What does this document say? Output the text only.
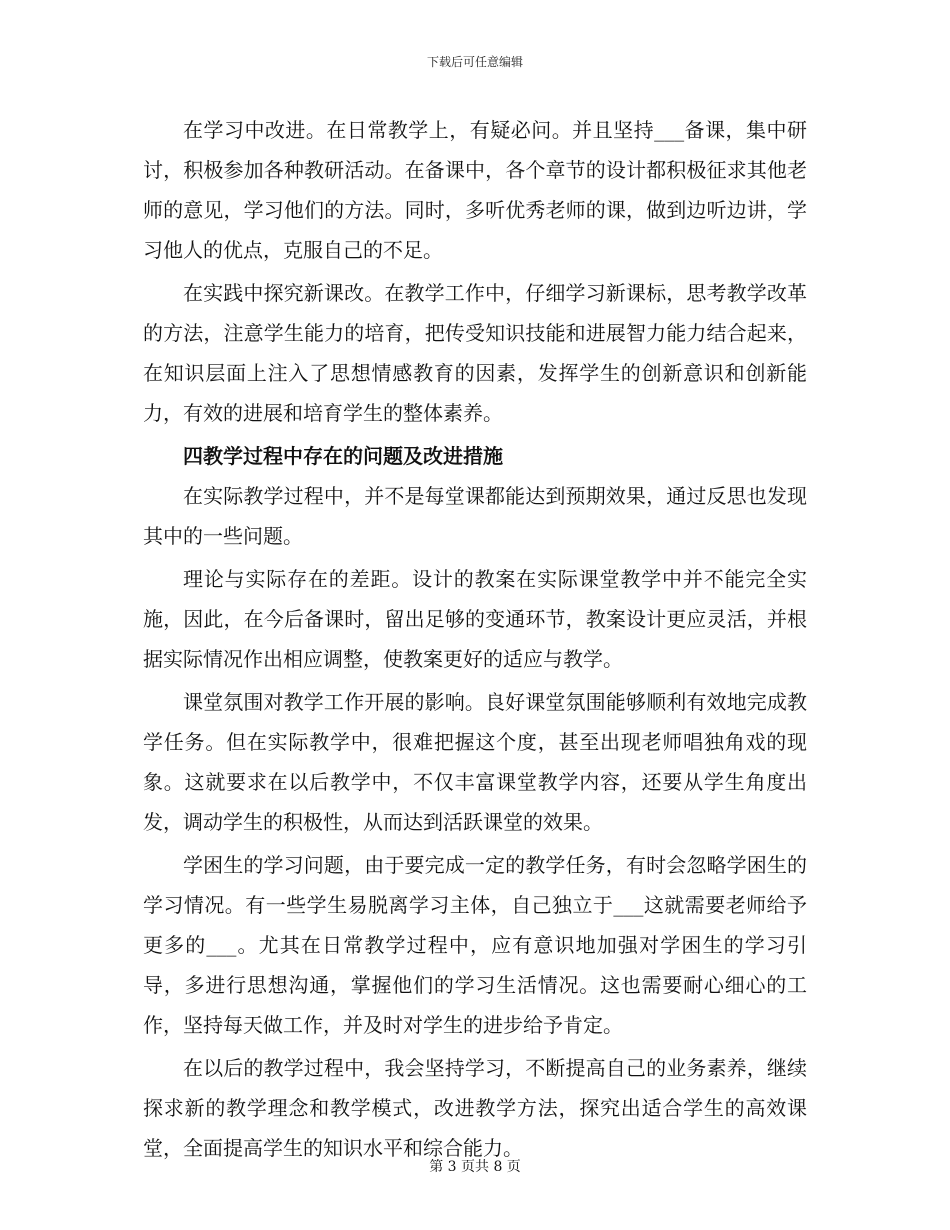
下载后可任意编辑

在学习中改进。在日常教学上，有疑必问。并且坚持___备课，集中研讨，积极参加各种教研活动。在备课中，各个章节的设计都积极征求其他老师的意见，学习他们的方法。同时，多听优秀老师的课，做到边听边讲，学习他人的优点，克服自己的不足。

在实践中探究新课改。在教学工作中，仔细学习新课标，思考教学改革的方法，注意学生能力的培育，把传受知识技能和进展智力能力结合起来，在知识层面上注入了思想情感教育的因素，发挥学生的创新意识和创新能力，有效的进展和培育学生的整体素养。

四教学过程中存在的问题及改进措施

在实际教学过程中，并不是每堂课都能达到预期效果，通过反思也发现其中的一些问题。

理论与实际存在的差距。设计的教案在实际课堂教学中并不能完全实施，因此，在今后备课时，留出足够的变通环节，教案设计更应灵活，并根据实际情况作出相应调整，使教案更好的适应与教学。

课堂氛围对教学工作开展的影响。良好课堂氛围能够顺利有效地完成教学任务。但在实际教学中，很难把握这个度，甚至出现老师唱独角戏的现象。这就要求在以后教学中，不仅丰富课堂教学内容，还要从学生角度出发，调动学生的积极性，从而达到活跃课堂的效果。

学困生的学习问题，由于要完成一定的教学任务，有时会忽略学困生的学习情况。有一些学生易脱离学习主体，自己独立于___这就需要老师给予更多的___。尤其在日常教学过程中，应有意识地加强对学困生的学习引导，多进行思想沟通，掌握他们的学习生活情况。这也需要耐心细心的工作，坚持每天做工作，并及时对学生的进步给予肯定。

在以后的教学过程中，我会坚持学习，不断提高自己的业务素养，继续探求新的教学理念和教学模式，改进教学方法，探究出适合学生的高效课堂，全面提高学生的知识水平和综合能力。

第 3 页共 8 页
